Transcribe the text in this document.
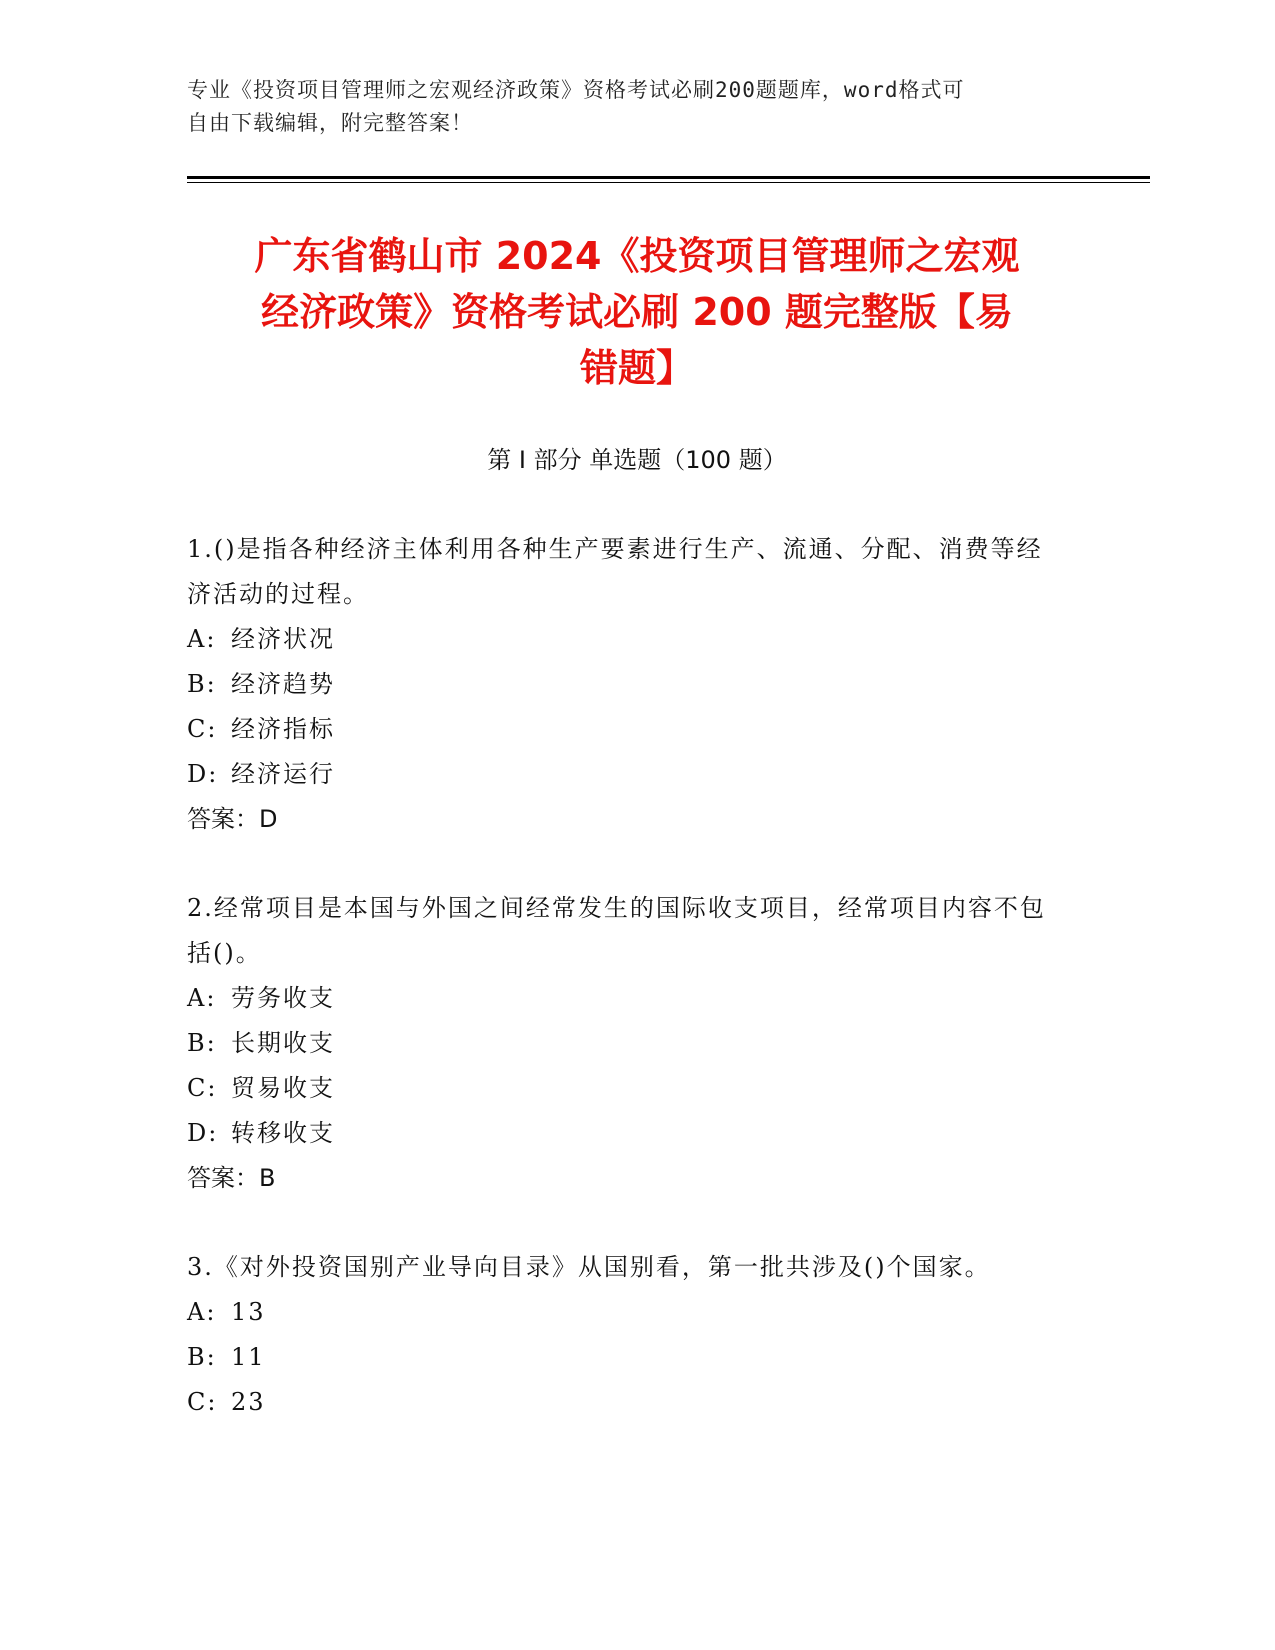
专业《投资项目管理师之宏观经济政策》资格考试必刷200题题库，word格式可
自由下载编辑，附完整答案！
广东省鹤山市 2024《投资项目管理师之宏观
经济政策》资格考试必刷 200 题完整版【易
错题】
第 I 部分 单选题（100 题）

1.()是指各种经济主体利用各种生产要素进行生产、流通、分配、消费等经济活动的过程。

A: 经济状况

B: 经济趋势

C: 经济指标

D: 经济运行

答案：D

2.经常项目是本国与外国之间经常发生的国际收支项目，经常项目内容不包括()。

A: 劳务收支

B: 长期收支

C: 贸易收支

D: 转移收支

答案：B

3.《对外投资国别产业导向目录》从国别看，第一批共涉及()个国家。

A: 13

B: 11

C: 23
